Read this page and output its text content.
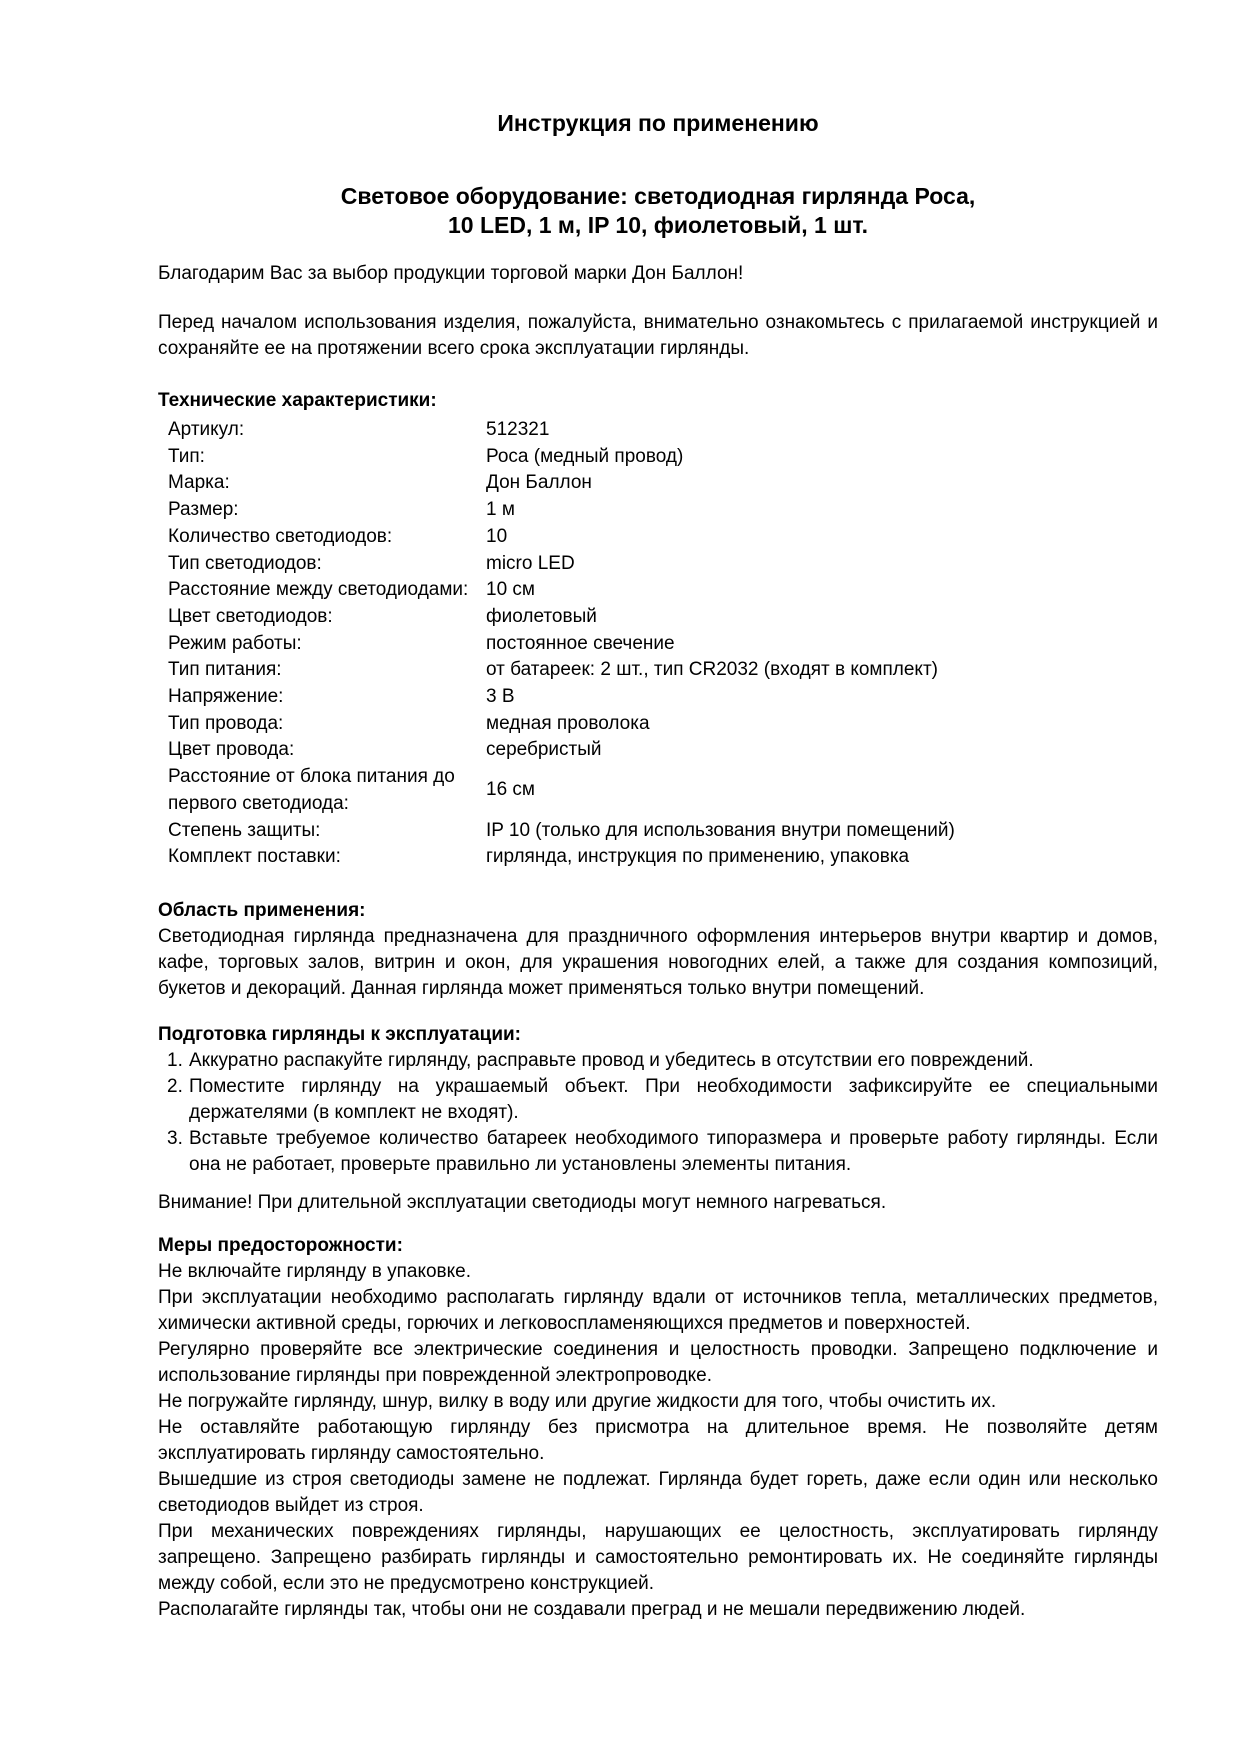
Инструкция по применению
Световое оборудование: светодиодная гирлянда Роса,
10 LED, 1 м, IP 10, фиолетовый, 1 шт.

Благодарим Вас за выбор продукции торговой марки Дон Баллон!

Перед началом использования изделия, пожалуйста, внимательно ознакомьтесь с прилагаемой инструкцией и сохраняйте ее на протяжении всего срока эксплуатации гирлянды.

Технические характеристики:
Артикул:	512321
Тип:	Роса (медный провод)
Марка:	Дон Баллон
Размер:	1 м
Количество светодиодов:	10
Тип светодиодов:	micro LED
Расстояние между светодиодами: 10 см
Цвет светодиодов:	фиолетовый
Режим работы:	постоянное свечение
Тип питания:	от батареек: 2 шт., тип CR2032 (входят в комплект)
Напряжение:	3 В
Тип провода:	медная проволока
Цвет провода:	серебристый
Расстояние от блока питания до первого светодиода:
16 см
Степень защиты:	IP 10 (только для использования внутри помещений)
Комплект поставки:	гирлянда, инструкция по применению, упаковка
Область применения:

Светодиодная гирлянда предназначена для праздничного оформления интерьеров внутри квартир и домов, кафе, торговых залов, витрин и окон, для украшения новогодних елей, а также для создания композиций, букетов и декораций. Данная гирлянда может применяться только внутри помещений.

Подготовка гирлянды к эксплуатации:
1. Аккуратно распакуйте гирлянду, расправьте провод и убедитесь в отсутствии его повреждений.
2. Поместите гирлянду на украшаемый объект. При необходимости зафиксируйте ее специальными держателями (в комплект не входят).
3. Вставьте требуемое количество батареек необходимого типоразмера и проверьте работу гирлянды. Если она не работает, проверьте правильно ли установлены элементы питания.

Внимание! При длительной эксплуатации светодиоды могут немного нагреваться.

Меры предосторожности:

Не включайте гирлянду в упаковке.

При эксплуатации необходимо располагать гирлянду вдали от источников тепла, металлических предметов, химически активной среды, горючих и легковоспламеняющихся предметов и поверхностей.

Регулярно проверяйте все электрические соединения и целостность проводки. Запрещено подключение и использование гирлянды при поврежденной электропроводке.

Не погружайте гирлянду, шнур, вилку в воду или другие жидкости для того, чтобы очистить их.

Не оставляйте работающую гирлянду без присмотра на длительное время. Не позволяйте детям эксплуатировать гирлянду самостоятельно.

Вышедшие из строя светодиоды замене не подлежат. Гирлянда будет гореть, даже если один или несколько светодиодов выйдет из строя.

При механических повреждениях гирлянды, нарушающих ее целостность, эксплуатировать гирлянду запрещено. Запрещено разбирать гирлянды и самостоятельно ремонтировать их. Не соединяйте гирлянды между собой, если это не предусмотрено конструкцией.

Располагайте гирлянды так, чтобы они не создавали преград и не мешали передвижению людей.
